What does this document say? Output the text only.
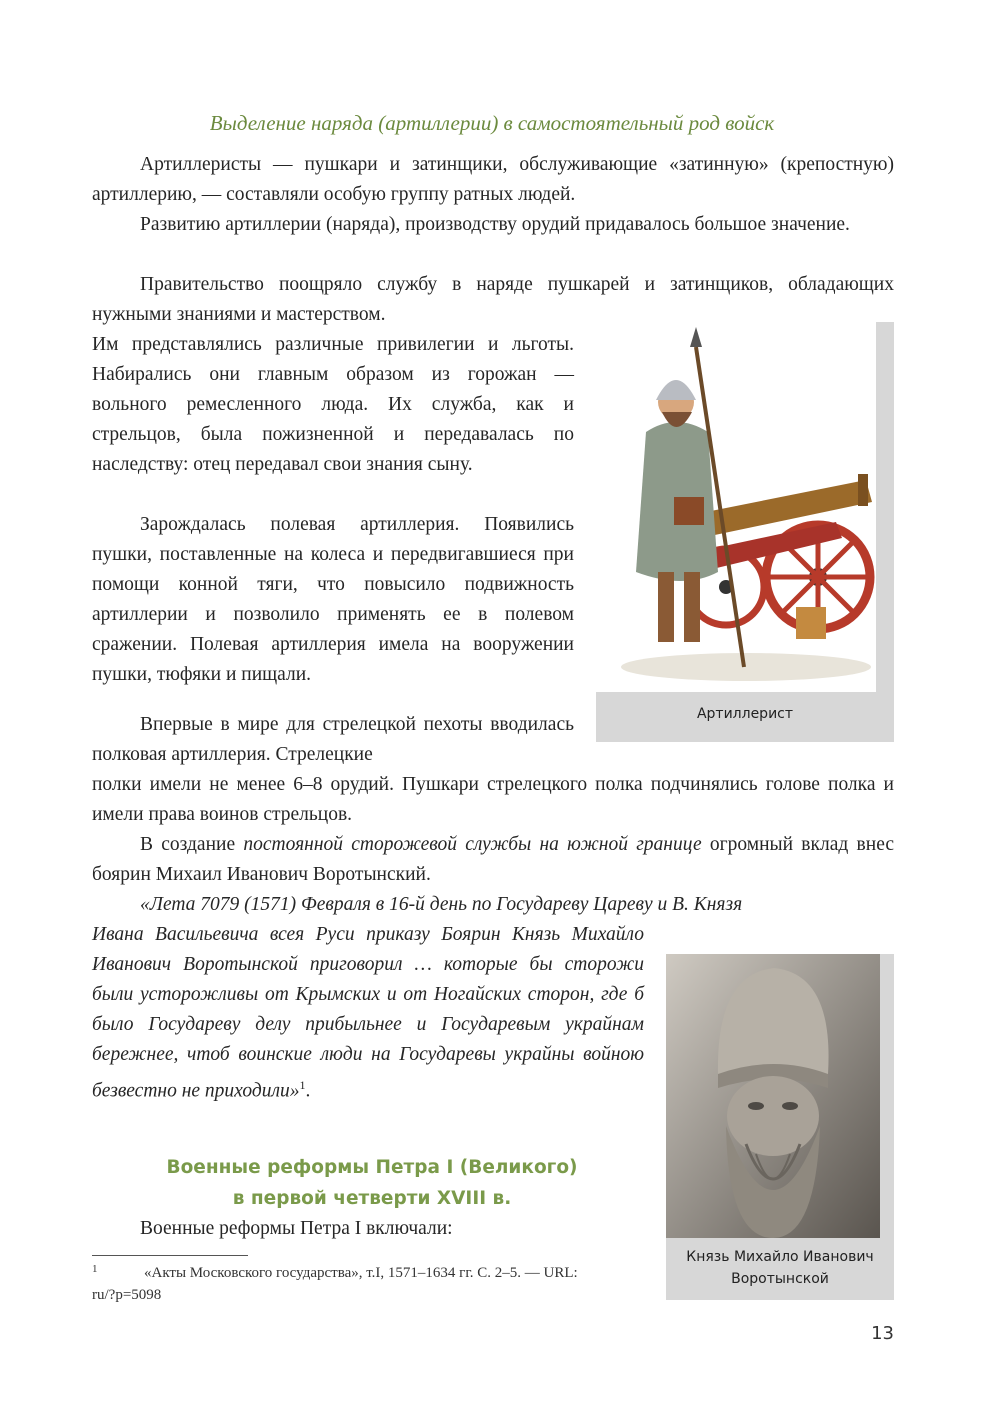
Выделение наряда (артиллерии) в самостоятельный род войск

Артиллеристы — пушкари и затинщики, обслуживающие «затинную» (крепостную) артиллерию, — составляли особую группу ратных людей.

Развитию артиллерии (наряда), производству орудий придавалось большое значение.

Правительство поощряло службу в наряде пушкарей и затинщиков, обладающих нужными знаниями и мастерством.

Им представлялись различные привилегии и льготы. Набирались они главным образом из горожан — вольного ремесленного люда. Их служба, как и стрельцов, была пожизненной и передавалась по наследству: отец передавал свои знания сыну.

Зарождалась полевая артиллерия. Появились пушки, поставленные на колеса и передвигавшиеся при помощи конной тяги, что повысило подвижность артиллерии и позволило применять ее в полевом сражении. Полевая артиллерия имела на вооружении пушки, тюфяки и пищали.

Впервые в мире для стрелецкой пехоты вводилась полковая артиллерия. Стрелецкие

полки имели не менее 6–8 орудий. Пушкари стрелецкого полка подчинялись голове полка и имели права воинов стрельцов.

В создание постоянной сторожевой службы на южной границе огромный вклад внес боярин Михаил Иванович Воротынский.

«Лета 7079 (1571) Февраля в 16-й день по Государеву Цареву и В. Князя

Ивана Васильевича всея Руси приказу Боярин Князь Михайло Иванович Воротынской приговорил … которые бы сторожи были усторожливы от Крымских и от Ногайских сторон, где б было Государеву делу прибыльнее и Государевым украйнам бережнее, чтоб воинские люди на Государевы украйны войною безвестно не приходили»$^1$.

Военные реформы Петра I (Великого)
в первой четверти XVIII в.

Военные реформы Петра I включали:

Артиллерист
Князь Михайло Иванович
Воротынской
1	«Акты Московского государства», т.I, 1571–1634 гг. С. 2–5. — URL:
ru/?p=5098
13
